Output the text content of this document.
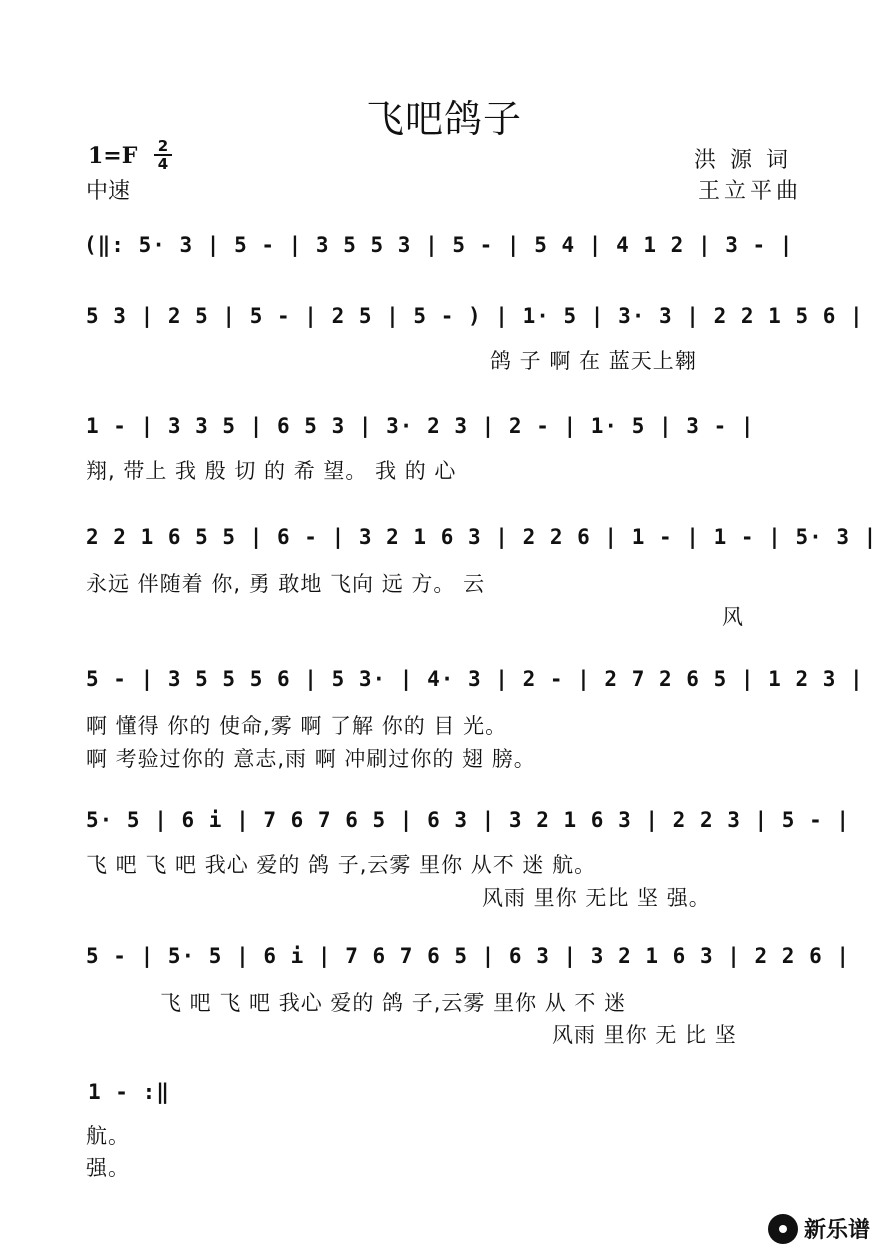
飞吧鸽子
1=F	2
4
中速
洪源词
王立平曲
(‖: 5· 3 | 5 - | 3 5 5 3 | 5 - | 5 4 | 4 1 2 | 3 - |
5 3 | 2 5 | 5 - | 2 5 | 5 - ) | 1· 5 | 3· 3 | 2 2 1 5 6 |
鸽 子 啊 在 蓝天上翱
1 - | 3 3 5 | 6 5 3 | 3· 2 3 | 2 - | 1· 5 | 3 - |
翔, 带上 我 殷 切 的 希 望。 我 的 心
2 2 1 6 5 5 | 6 - | 3 2 1 6 3 | 2 2 6 | 1 - | 1 - | 5· 3 |
永远 伴随着 你, 勇 敢地 飞向 远 方。 云
风
5 - | 3 5 5 5 6 | 5 3· | 4· 3 | 2 - | 2 7 2 6 5 | 1 2 3 |
啊 懂得 你的 使命,雾 啊 了解 你的 目 光。
啊 考验过你的 意志,雨 啊 冲刷过你的 翅 膀。
5· 5 | 6 i | 7 6 7 6 5 | 6 3 | 3 2 1 6 3 | 2 2 3 | 5 - |
飞 吧 飞 吧 我心 爱的 鸽 子,云雾 里你 从不 迷 航。
风雨 里你 无比 坚 强。
5 - | 5· 5 | 6 i | 7 6 7 6 5 | 6 3 | 3 2 1 6 3 | 2 2 6 |
飞 吧 飞 吧 我心 爱的 鸽 子,云雾 里你 从 不 迷
风雨 里你 无 比 坚
1 - :‖
航。
强。
新乐谱
